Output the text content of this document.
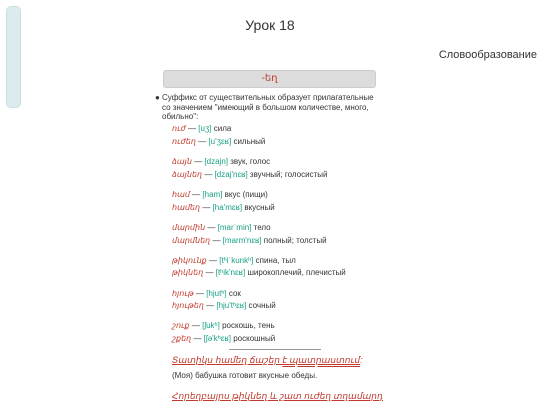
Урок 18
Словообразование
-եղ
● Суффикс от существительных образует прилагательные со значением "имеющий в большом количестве, много, обильно":
ուժ — [uʒ] сила
ուժեղ — [u'ʒɛʁ] сильный
ձայն — [dzajn] звук, голос
ձայնեղ — [dzaj'nɛʁ] звучный; голосистый
համ — [ham] вкус (пищи)
համեղ — [ha'mɛʁ] вкусный
մարմին — [marˈmin] тело
մարմնեղ — [marm'nɛʁ] полный; толстый
թիկունք — [tʰiˈkunkʰ] спина, тыл
թիկնեղ — [tʰik'nɛʁ] широкоплечий, плечистый
հյութ — [hjutʰ] сок
հյութեղ — [hju'tʰɛʁ] сочный
շուք — [ʃukʰ] роскошь, тень
շքեղ — [ʃə'kʰɛʁ] роскошный
Տատիկս համեղ ճաշեր է պատրաստում:
(Моя) бабушка готовит вкусные обеды.
Հորեղբայրս թիկնեղ և շատ ուժեղ տղամարդ
